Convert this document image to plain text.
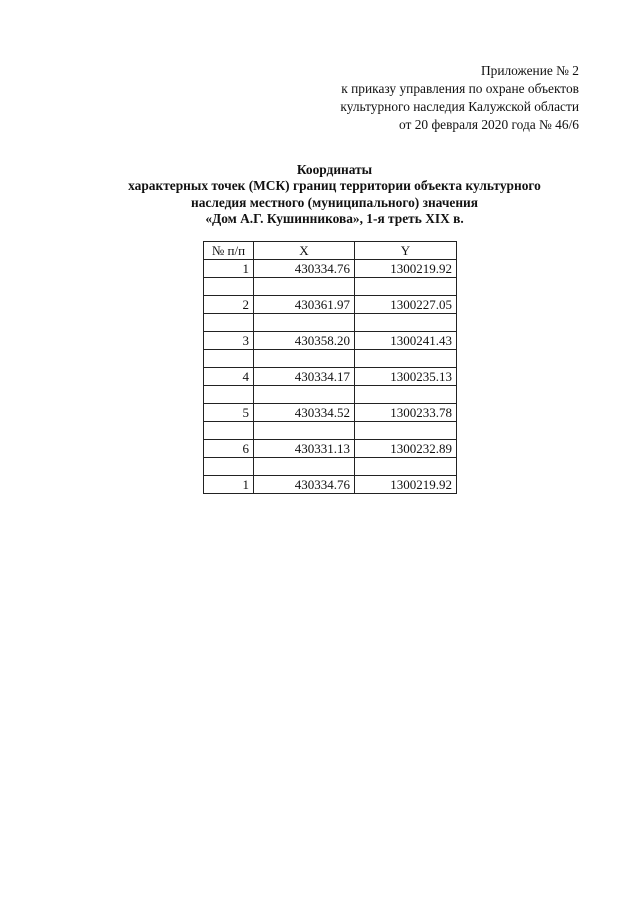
Приложение № 2
к приказу управления по охране объектов
культурного наследия Калужской области
от 20 февраля 2020 года № 46/6
Координаты
характерных точек (МСК) границ территории объекта культурного
наследия местного (муниципального) значения
«Дом А.Г. Кушинникова», 1-я треть XIX в.
№ п/п	X	Y
1	430334.76	1300219.92

2	430361.97	1300227.05

3	430358.20	1300241.43

4	430334.17	1300235.13

5	430334.52	1300233.78

6	430331.13	1300232.89

1	430334.76	1300219.92
